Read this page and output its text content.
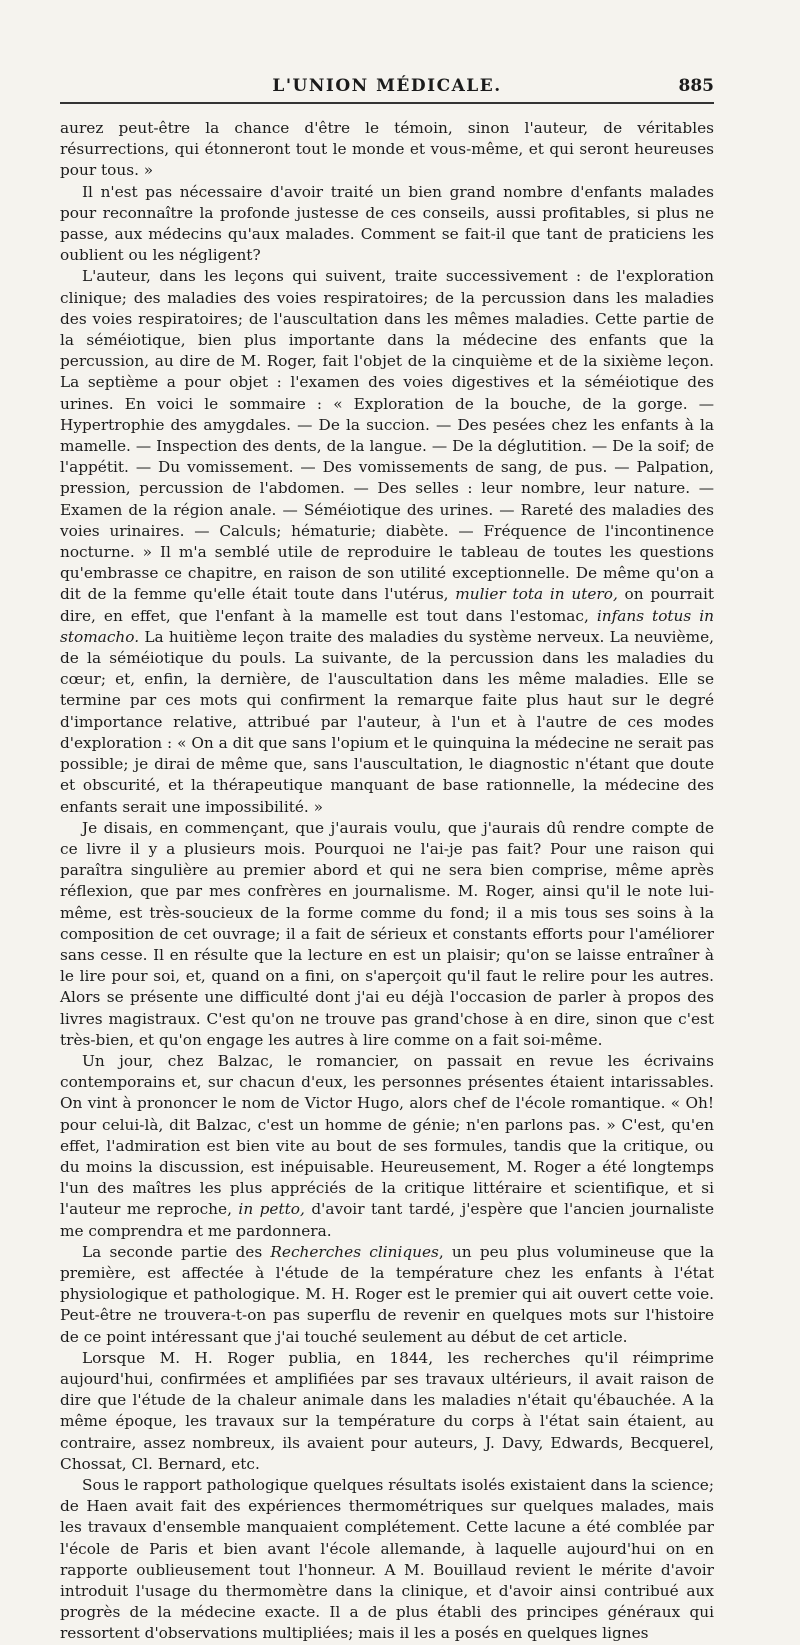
L'UNION MÉDICALE.	885

aurez peut-être la chance d'être le témoin, sinon l'auteur, de véritables résurrections, qui étonneront tout le monde et vous-même, et qui seront heureuses pour tous. »

Il n'est pas nécessaire d'avoir traité un bien grand nombre d'enfants malades pour reconnaître la profonde justesse de ces conseils, aussi profitables, si plus ne passe, aux médecins qu'aux malades. Comment se fait-il que tant de praticiens les oublient ou les négligent?

L'auteur, dans les leçons qui suivent, traite successivement : de l'exploration clinique; des maladies des voies respiratoires; de la percussion dans les maladies des voies respiratoires; de l'auscultation dans les mêmes maladies. Cette partie de la séméiotique, bien plus importante dans la médecine des enfants que la percussion, au dire de M. Roger, fait l'objet de la cinquième et de la sixième leçon. La septième a pour objet : l'examen des voies digestives et la séméiotique des urines. En voici le sommaire : « Exploration de la bouche, de la gorge. — Hypertrophie des amygdales. — De la succion. — Des pesées chez les enfants à la mamelle. — Inspection des dents, de la langue. — De la déglutition. — De la soif; de l'appétit. — Du vomissement. — Des vomissements de sang, de pus. — Palpation, pression, percussion de l'abdomen. — Des selles : leur nombre, leur nature. — Examen de la région anale. — Séméiotique des urines. — Rareté des maladies des voies urinaires. — Calculs; hématurie; diabète. — Fréquence de l'incontinence nocturne. » Il m'a semblé utile de reproduire le tableau de toutes les questions qu'embrasse ce chapitre, en raison de son utilité exceptionnelle. De même qu'on a dit de la femme qu'elle était toute dans l'utérus, mulier tota in utero, on pourrait dire, en effet, que l'enfant à la mamelle est tout dans l'estomac, infans totus in stomacho. La huitième leçon traite des maladies du système nerveux. La neuvième, de la séméiotique du pouls. La suivante, de la percussion dans les maladies du cœur; et, enfin, la dernière, de l'auscultation dans les même maladies. Elle se termine par ces mots qui confirment la remarque faite plus haut sur le degré d'importance relative, attribué par l'auteur, à l'un et à l'autre de ces modes d'exploration : « On a dit que sans l'opium et le quinquina la médecine ne serait pas possible; je dirai de même que, sans l'auscultation, le diagnostic n'étant que doute et obscurité, et la thérapeutique manquant de base rationnelle, la médecine des enfants serait une impossibilité. »

Je disais, en commençant, que j'aurais voulu, que j'aurais dû rendre compte de ce livre il y a plusieurs mois. Pourquoi ne l'ai-je pas fait? Pour une raison qui paraîtra singulière au premier abord et qui ne sera bien comprise, même après réflexion, que par mes confrères en journalisme. M. Roger, ainsi qu'il le note lui-même, est très-soucieux de la forme comme du fond; il a mis tous ses soins à la composition de cet ouvrage; il a fait de sérieux et constants efforts pour l'améliorer sans cesse. Il en résulte que la lecture en est un plaisir; qu'on se laisse entraîner à le lire pour soi, et, quand on a fini, on s'aperçoit qu'il faut le relire pour les autres. Alors se présente une difficulté dont j'ai eu déjà l'occasion de parler à propos des livres magistraux. C'est qu'on ne trouve pas grand'chose à en dire, sinon que c'est très-bien, et qu'on engage les autres à lire comme on a fait soi-même.

Un jour, chez Balzac, le romancier, on passait en revue les écrivains contemporains et, sur chacun d'eux, les personnes présentes étaient intarissables. On vint à prononcer le nom de Victor Hugo, alors chef de l'école romantique. « Oh! pour celui-là, dit Balzac, c'est un homme de génie; n'en parlons pas. » C'est, qu'en effet, l'admiration est bien vite au bout de ses formules, tandis que la critique, ou du moins la discussion, est inépuisable. Heureusement, M. Roger a été longtemps l'un des maîtres les plus appréciés de la critique littéraire et scientifique, et si l'auteur me reproche, in petto, d'avoir tant tardé, j'espère que l'ancien journaliste me comprendra et me pardonnera.

La seconde partie des Recherches cliniques, un peu plus volumineuse que la première, est affectée à l'étude de la température chez les enfants à l'état physiologique et pathologique. M. H. Roger est le premier qui ait ouvert cette voie. Peut-être ne trouvera-t-on pas superflu de revenir en quelques mots sur l'histoire de ce point intéressant que j'ai touché seulement au début de cet article.

Lorsque M. H. Roger publia, en 1844, les recherches qu'il réimprime aujourd'hui, confirmées et amplifiées par ses travaux ultérieurs, il avait raison de dire que l'étude de la chaleur animale dans les maladies n'était qu'ébauchée. A la même époque, les travaux sur la température du corps à l'état sain étaient, au contraire, assez nombreux, ils avaient pour auteurs, J. Davy, Edwards, Becquerel, Chossat, Cl. Bernard, etc.

Sous le rapport pathologique quelques résultats isolés existaient dans la science; de Haen avait fait des expériences thermométriques sur quelques malades, mais les travaux d'ensemble manquaient complétement. Cette lacune a été comblée par l'école de Paris et bien avant l'école allemande, à laquelle aujourd'hui on en rapporte oublieusement tout l'honneur. A M. Bouillaud revient le mérite d'avoir introduit l'usage du thermomètre dans la clinique, et d'avoir ainsi contribué aux progrès de la médecine exacte. Il a de plus établi des principes généraux qui ressortent d'observations multipliées; mais il les a posés en quelques lignes
